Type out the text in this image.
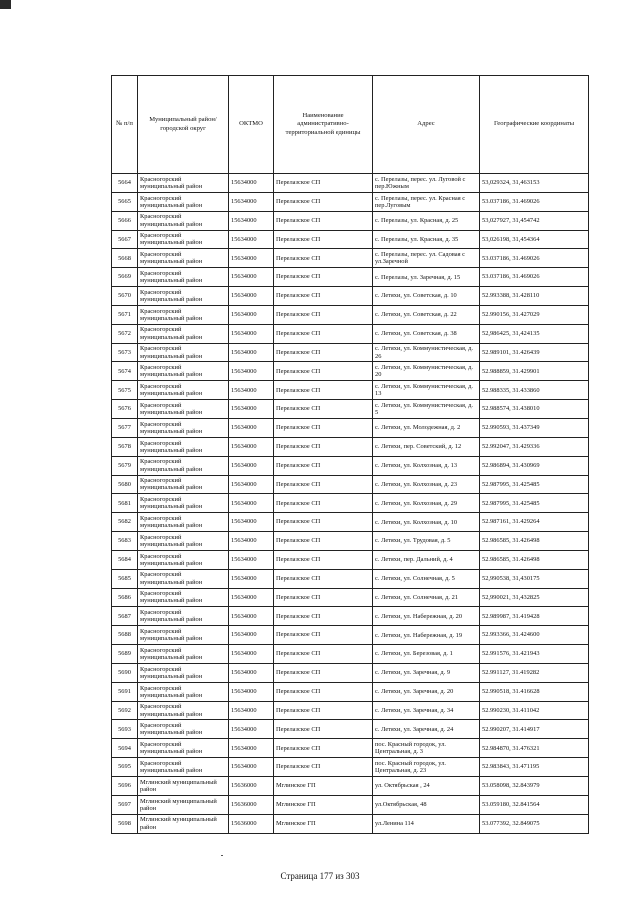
№ п/п	Муниципальный район/городской округ	ОКТМО	Наименование административно-территориальной единицы	Адрес	Географические координаты
5664	Красногорский муниципальный район	15634000	Перелазское СП	с. Перелазы, перес. ул. Луговой с пер.Южным	53,029324, 31,463153
5665	Красногорский муниципальный район	15634000	Перелазское СП	с. Перелазы, перес. ул. Красная с пер.Луговым	53.037186, 31.469026
5666	Красногорский муниципальный район	15634000	Перелазское СП	с. Перелазы, ул. Красная, д. 25	53,027927, 31,454742
5667	Красногорский муниципальный район	15634000	Перелазское СП	с. Перелазы, ул. Красная, д. 35	53,026198, 31,454364
5668	Красногорский муниципальный район	15634000	Перелазское СП	с. Перелазы, перес. ул. Садовая с ул.Заречной	53.037186, 31.469026
5669	Красногорский муниципальный район	15634000	Перелазское СП	с. Перелазы, ул. Заречная, д. 15	53.037186, 31.469026
5670	Красногорский муниципальный район	15634000	Перелазское СП	с. Летяхи, ул. Советская, д. 10	52.993388, 31.428110
5671	Красногорский муниципальный район	15634000	Перелазское СП	с. Летяхи, ул. Советская, д. 22	52.990156, 31.427029
5672	Красногорский муниципальный район	15634000	Перелазское СП	с. Летяхи, ул. Советская, д. 38	52,986425, 31,424135
5673	Красногорский муниципальный район	15634000	Перелазское СП	с. Летяхи, ул. Коммунистическая, д. 26	52.989101, 31.426439
5674	Красногорский муниципальный район	15634000	Перелазское СП	с. Летяхи, ул. Коммунистическая, д. 20	52.988859, 31.429901
5675	Красногорский муниципальный район	15634000	Перелазское СП	с. Летяхи, ул. Коммунистическая, д. 13	52.988335, 31.433860
5676	Красногорский муниципальный район	15634000	Перелазское СП	с. Летяхи, ул. Коммунистическая, д. 5	52.988574, 31.438010
5677	Красногорский муниципальный район	15634000	Перелазское СП	с. Летяхи, ул. Молодежная, д. 2	52.990593, 31.437349
5678	Красногорский муниципальный район	15634000	Перелазское СП	с. Летяхи, пер. Советский, д. 12	52.992047, 31.429336
5679	Красногорский муниципальный район	15634000	Перелазское СП	с. Летяхи, ул. Колхозная, д. 13	52.986894, 31.430969
5680	Красногорский муниципальный район	15634000	Перелазское СП	с. Летяхи, ул. Колхозная, д. 23	52.987995, 31.425485
5681	Красногорский муниципальный район	15634000	Перелазское СП	с. Летяхи, ул. Колхозная, д. 29	52.987995, 31.425485
5682	Красногорский муниципальный район	15634000	Перелазское СП	с. Летяхи, ул. Колхозная, д. 10	52.987161, 31.429264
5683	Красногорский муниципальный район	15634000	Перелазское СП	с. Летяхи, ул. Трудовая, д. 5	52.986585, 31.426498
5684	Красногорский муниципальный район	15634000	Перелазское СП	с. Летяхи, пер. Дальний, д. 4	52.986585, 31.426498
5685	Красногорский муниципальный район	15634000	Перелазское СП	с. Летяхи, ул. Солнечная, д. 5	52,990538, 31,430175
5686	Красногорский муниципальный район	15634000	Перелазское СП	с. Летяхи, ул. Солнечная, д. 21	52,990021, 31,432825
5687	Красногорский муниципальный район	15634000	Перелазское СП	с. Летяхи, ул. Набережная, д. 20	52.989987, 31.419428
5688	Красногорский муниципальный район	15634000	Перелазское СП	с. Летяхи, ул. Набережная, д. 19	52.993366, 31.424600
5689	Красногорский муниципальный район	15634000	Перелазское СП	с. Летяхи, ул. Березовая, д. 1	52.991576, 31.421943
5690	Красногорский муниципальный район	15634000	Перелазское СП	с. Летяхи, ул. Заречная, д. 9	52.991127, 31.419282
5691	Красногорский муниципальный район	15634000	Перелазское СП	с. Летяхи, ул. Заречная, д. 20	52.990518, 31.416628
5692	Красногорский муниципальный район	15634000	Перелазское СП	с. Летяхи, ул. Заречная, д. 34	52.990230, 31.411042
5693	Красногорский муниципальный район	15634000	Перелазское СП	с. Летяхи, ул. Заречная, д. 24	52.990207, 31.414917
5694	Красногорский муниципальный район	15634000	Перелазское СП	пос. Красный городок, ул. Центральная, д. 3	52.984870, 31.476321
5695	Красногорский муниципальный район	15634000	Перелазское СП	пос. Красный городок, ул. Центральная, д. 23	52.983843, 31.471195
5696	Мглинский муниципальный район	15636000	Мглинское ГП	ул. Октябрьская , 24	53.058098, 32.843979
5697	Мглинский муниципальный район	15636000	Мглинское ГП	ул.Октябрьская, 48	53.059180, 32.841564
5698	Мглинский муниципальный район	15636000	Мглинское ГП	ул.Ленина 114	53.077392, 32.849075
Страница 177 из 303
